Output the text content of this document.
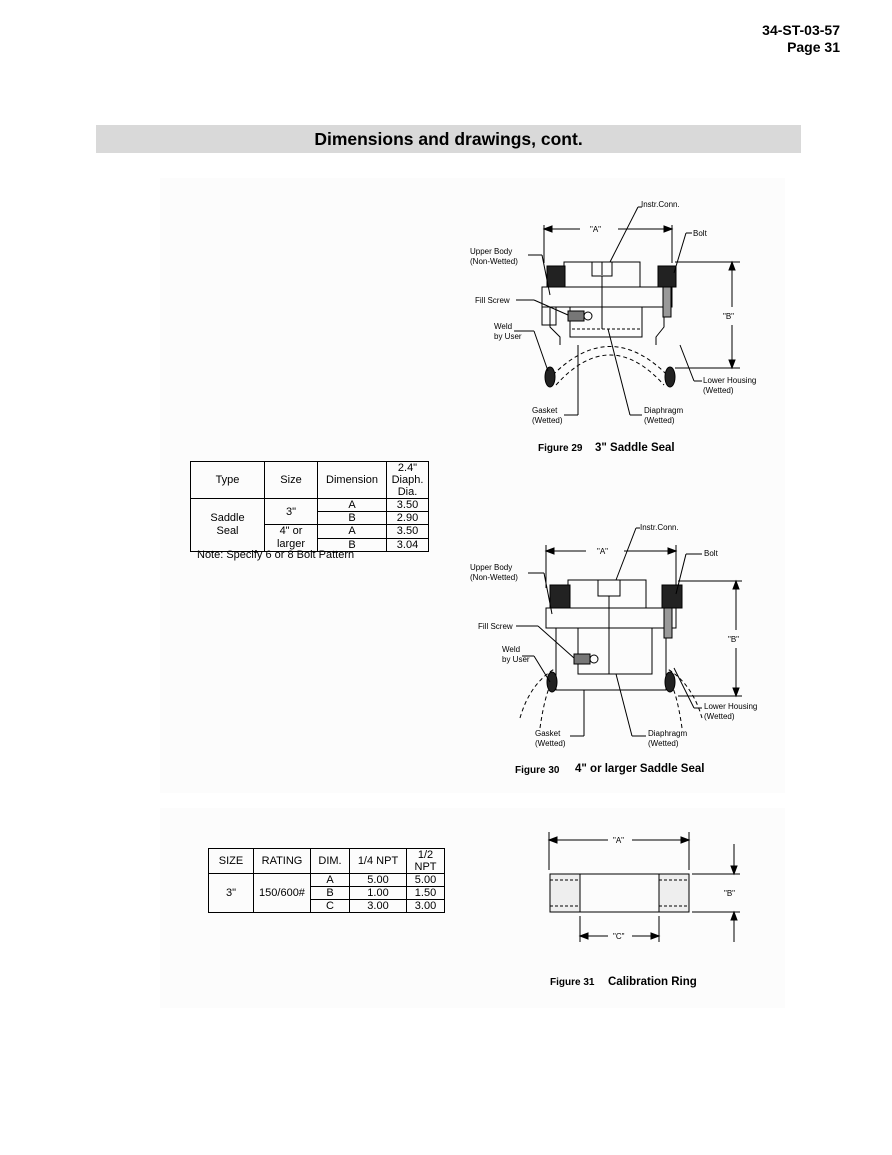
34-ST-03-57
Page 31
Dimensions and drawings, cont.
Type	Size	Dimension	2.4" Diaph. Dia.
Saddle Seal	3"	A	3.50
		B	2.90
	4" or larger	A	3.50
		B	3.04
Note: Specify 6 or 8 Bolt Pattern
Instr.Conn.
"A"	Bolt
Upper Body
(Non-Wetted)
Fill Screw
Weld
by User
"B"
Lower Housing
(Wetted)
Gasket
(Wetted)
Diaphragm
(Wetted)
Figure 29 3" Saddle Seal
Instr.Conn.
"A"	Bolt
Upper Body
(Non-Wetted)
Fill Screw
Weld
by User
"B"
Lower Housing
(Wetted)
Gasket
(Wetted)
Diaphragm
(Wetted)
Figure 30 4" or larger Saddle Seal
SIZE	RATING	DIM.	1/4 NPT	1/2 NPT
3"	150/600#	A	5.00	5.00
		B	1.00	1.50
		C	3.00	3.00
"A"
"B"
"C"
Figure 31 Calibration Ring
